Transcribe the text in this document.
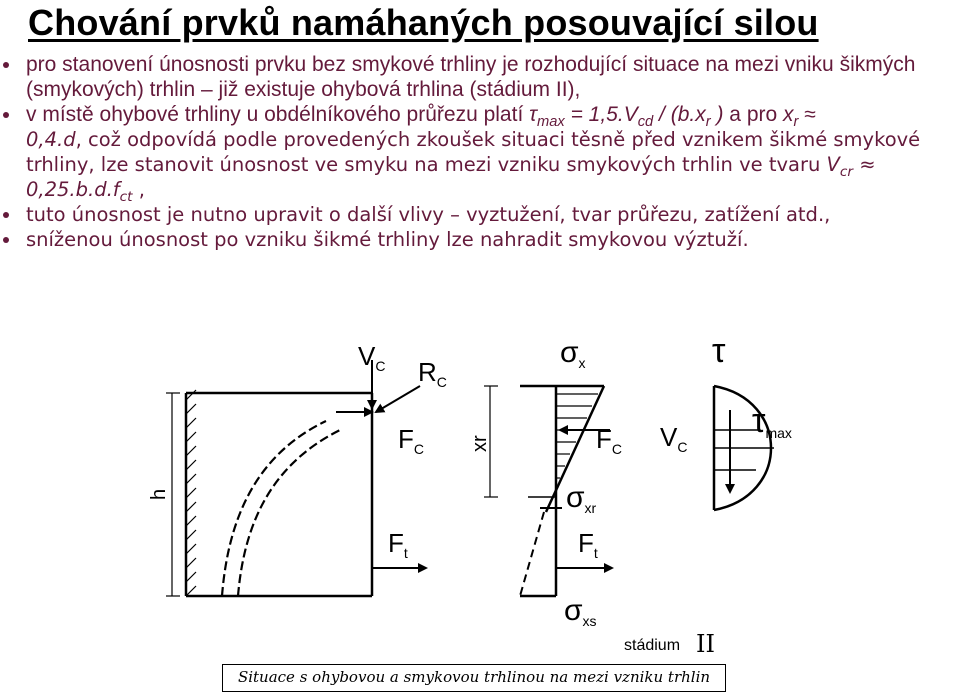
Chování prvků namáhaných posouvající silou
pro stanovení únosnosti prvku bez smykové trhliny je rozhodující situace na mezi vniku šikmých (smykových) trhlin – již existuje ohybová trhlina (stádium II),
v místě ohybové trhliny u obdélníkového průřezu platí $\tau_{max} = 1,5.V_{cd} / (b.x_r$ ) a pro $x_r$ ≈
0,4.d, což odpovídá podle provedených zkoušek situaci těsně před vznikem šikmé smykové trhliny, lze stanovit únosnost ve smyku na mezi vzniku smykových trhlin ve tvaru $V_{cr} \approx 0,25.b.d.f_{ct}$ ,
tuto únosnost je nutno upravit o další vlivy – vyztužení, tvar průřezu, zatížení atd.,
sníženou únosnost po vzniku šikmé trhliny lze nahradit smykovou výztuží.
h
$V_C$ $R_C$
$F_C$
$F_t$
$\sigma_x$
xr	$F_C$
$\sigma_{xr}$
$F_t$
$\sigma_{xs}$
τ
$V_C$
τmax
stádium II
Situace s ohybovou a smykovou trhlinou na mezi vzniku trhlin
